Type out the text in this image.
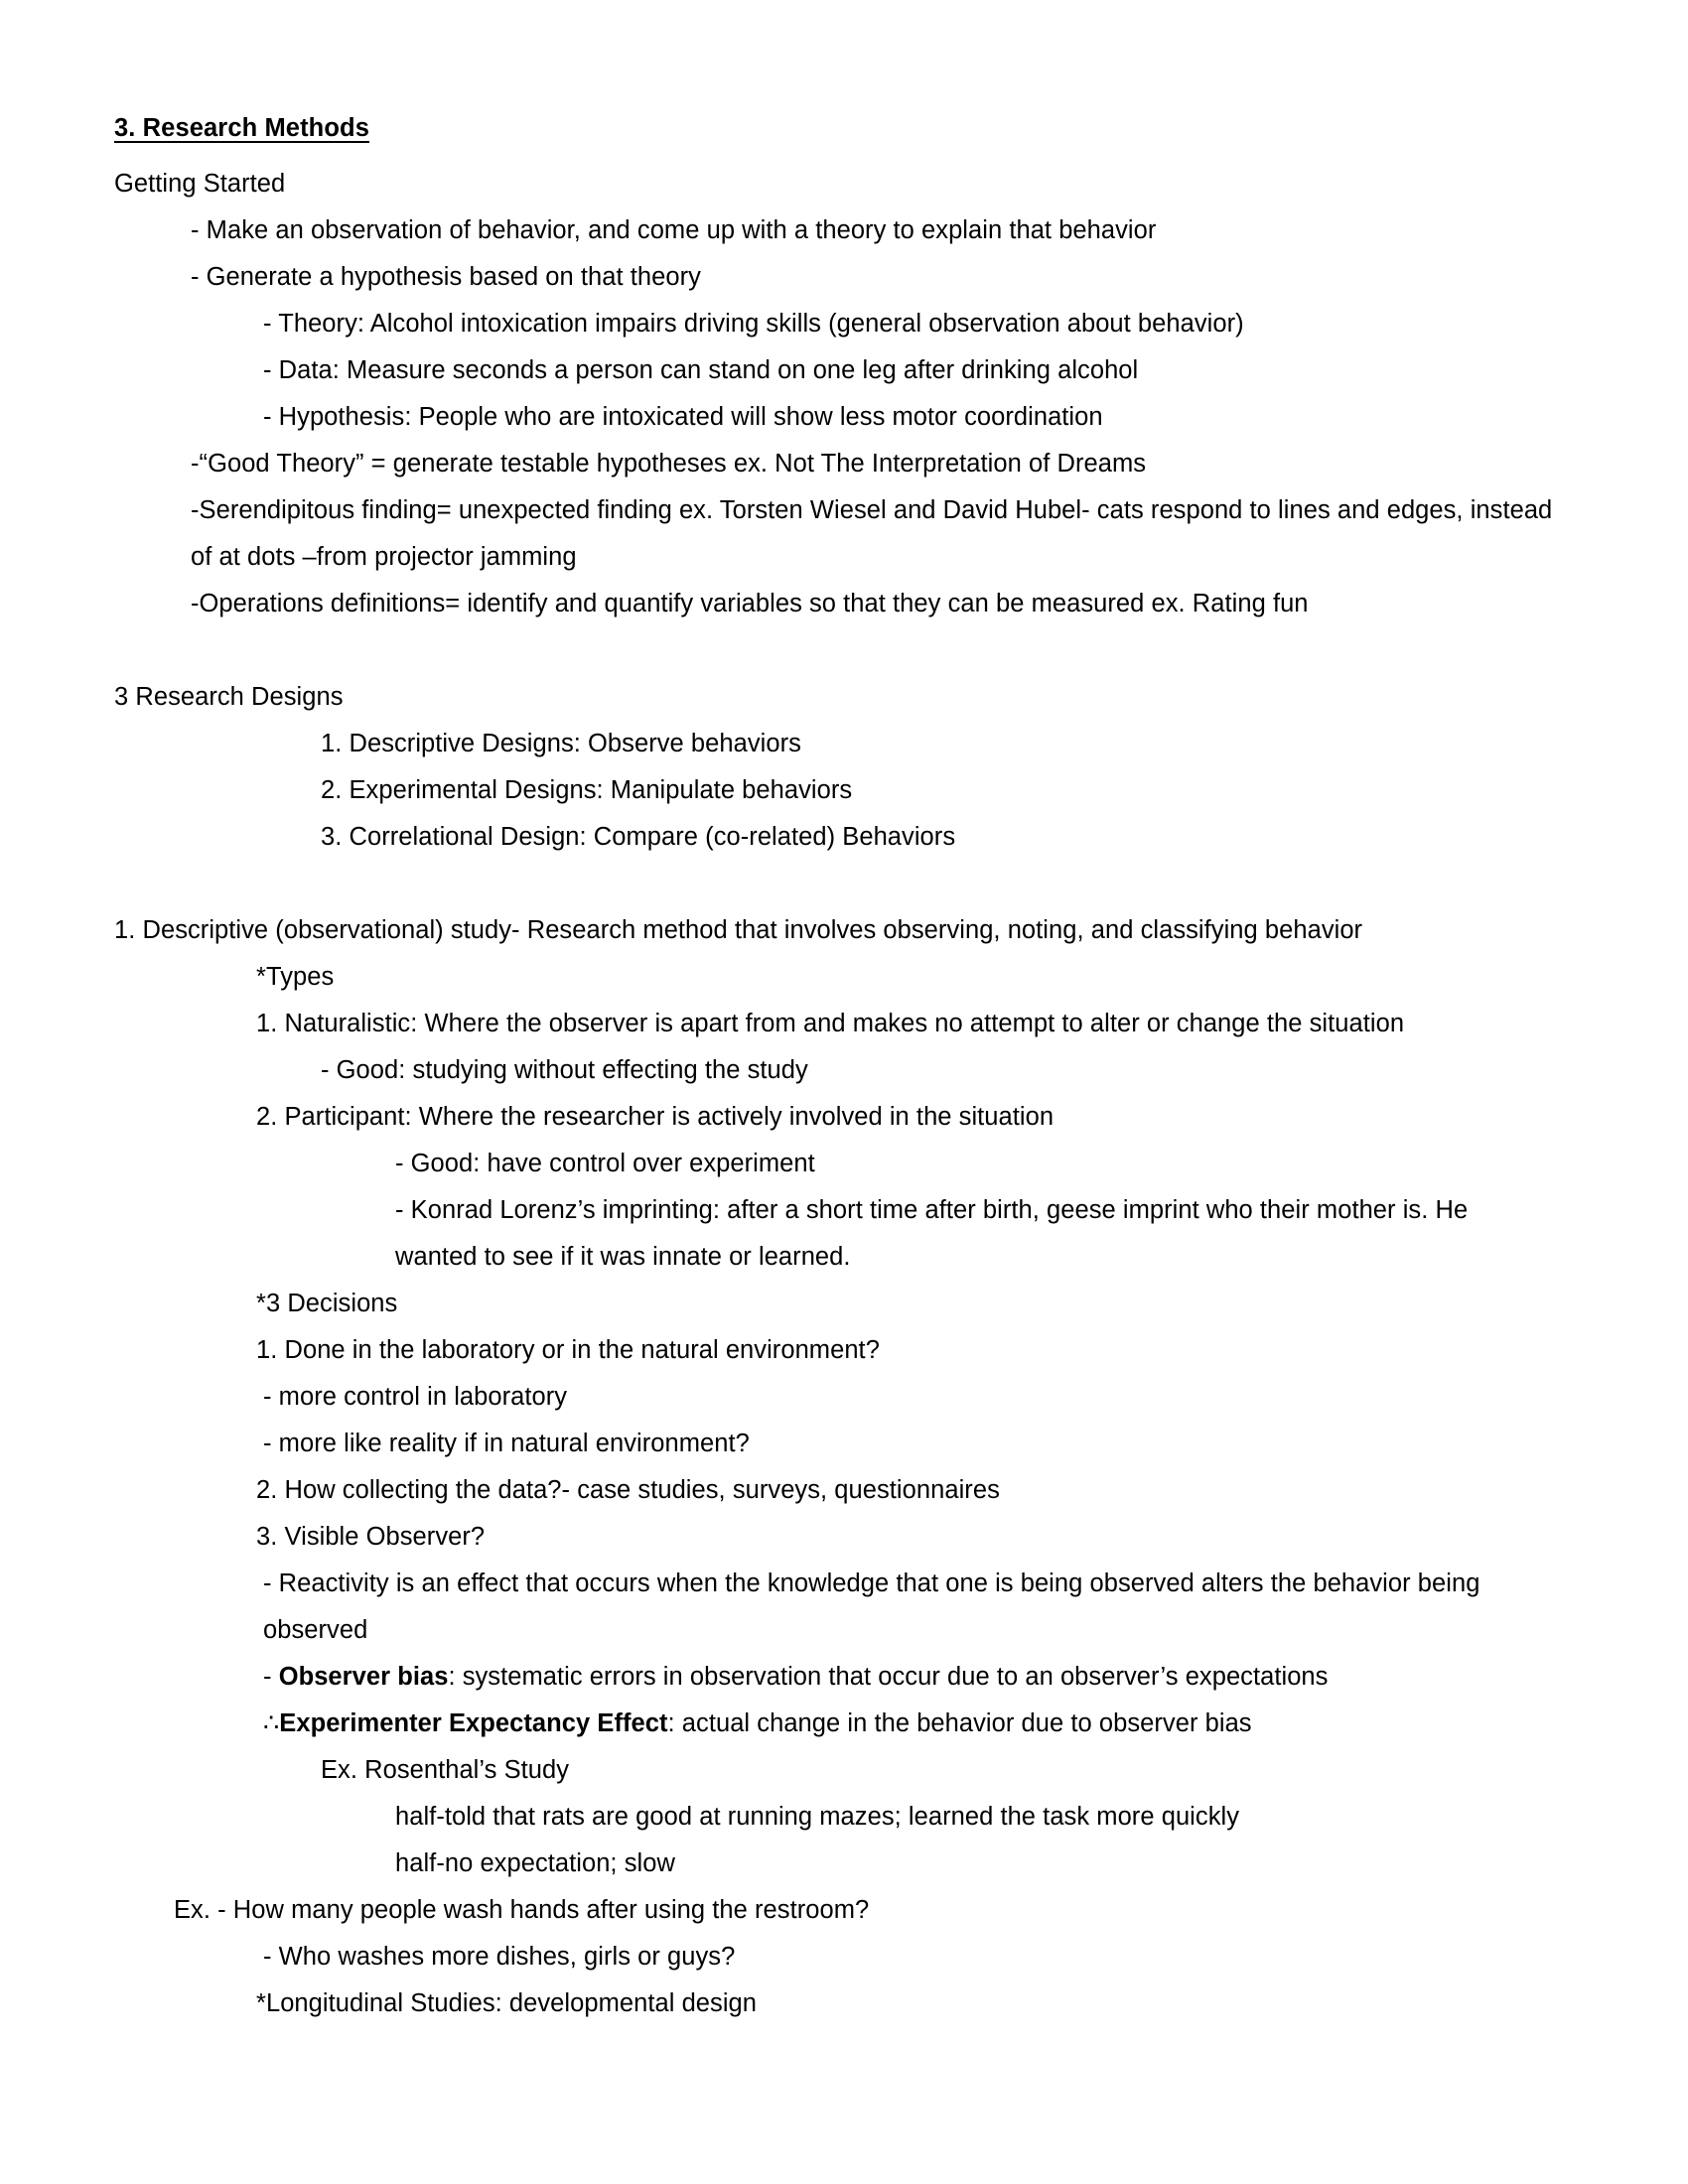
3. Research Methods

Getting Started

- Make an observation of behavior, and come up with a theory to explain that behavior

- Generate a hypothesis based on that theory

- Theory: Alcohol intoxication impairs driving skills (general observation about behavior)

- Data: Measure seconds a person can stand on one leg after drinking alcohol

- Hypothesis: People who are intoxicated will show less motor coordination

-“Good Theory” = generate testable hypotheses ex. Not The Interpretation of Dreams

-Serendipitous finding= unexpected finding ex. Torsten Wiesel and David Hubel- cats respond to lines and edges, instead of at dots –from projector jamming

-Operations definitions= identify and quantify variables so that they can be measured ex. Rating fun

3 Research Designs

1. Descriptive Designs: Observe behaviors

2. Experimental Designs: Manipulate behaviors

3. Correlational Design: Compare (co-related) Behaviors

1. Descriptive (observational) study- Research method that involves observing, noting, and classifying behavior

*Types

1. Naturalistic: Where the observer is apart from and makes no attempt to alter or change the situation

- Good: studying without effecting the study

2. Participant: Where the researcher is actively involved in the situation

- Good: have control over experiment

- Konrad Lorenz’s imprinting: after a short time after birth, geese imprint who their mother is. He wanted to see if it was innate or learned.

*3 Decisions

1. Done in the laboratory or in the natural environment?

- more control in laboratory

- more like reality if in natural environment?

2. How collecting the data?- case studies, surveys, questionnaires

3. Visible Observer?

- Reactivity is an effect that occurs when the knowledge that one is being observed alters the behavior being observed

- Observer bias: systematic errors in observation that occur due to an observer’s expectations

∴Experimenter Expectancy Effect: actual change in the behavior due to observer bias

Ex. Rosenthal’s Study

half-told that rats are good at running mazes; learned the task more quickly

half-no expectation; slow

Ex. - How many people wash hands after using the restroom?

- Who washes more dishes, girls or guys?

*Longitudinal Studies: developmental design
